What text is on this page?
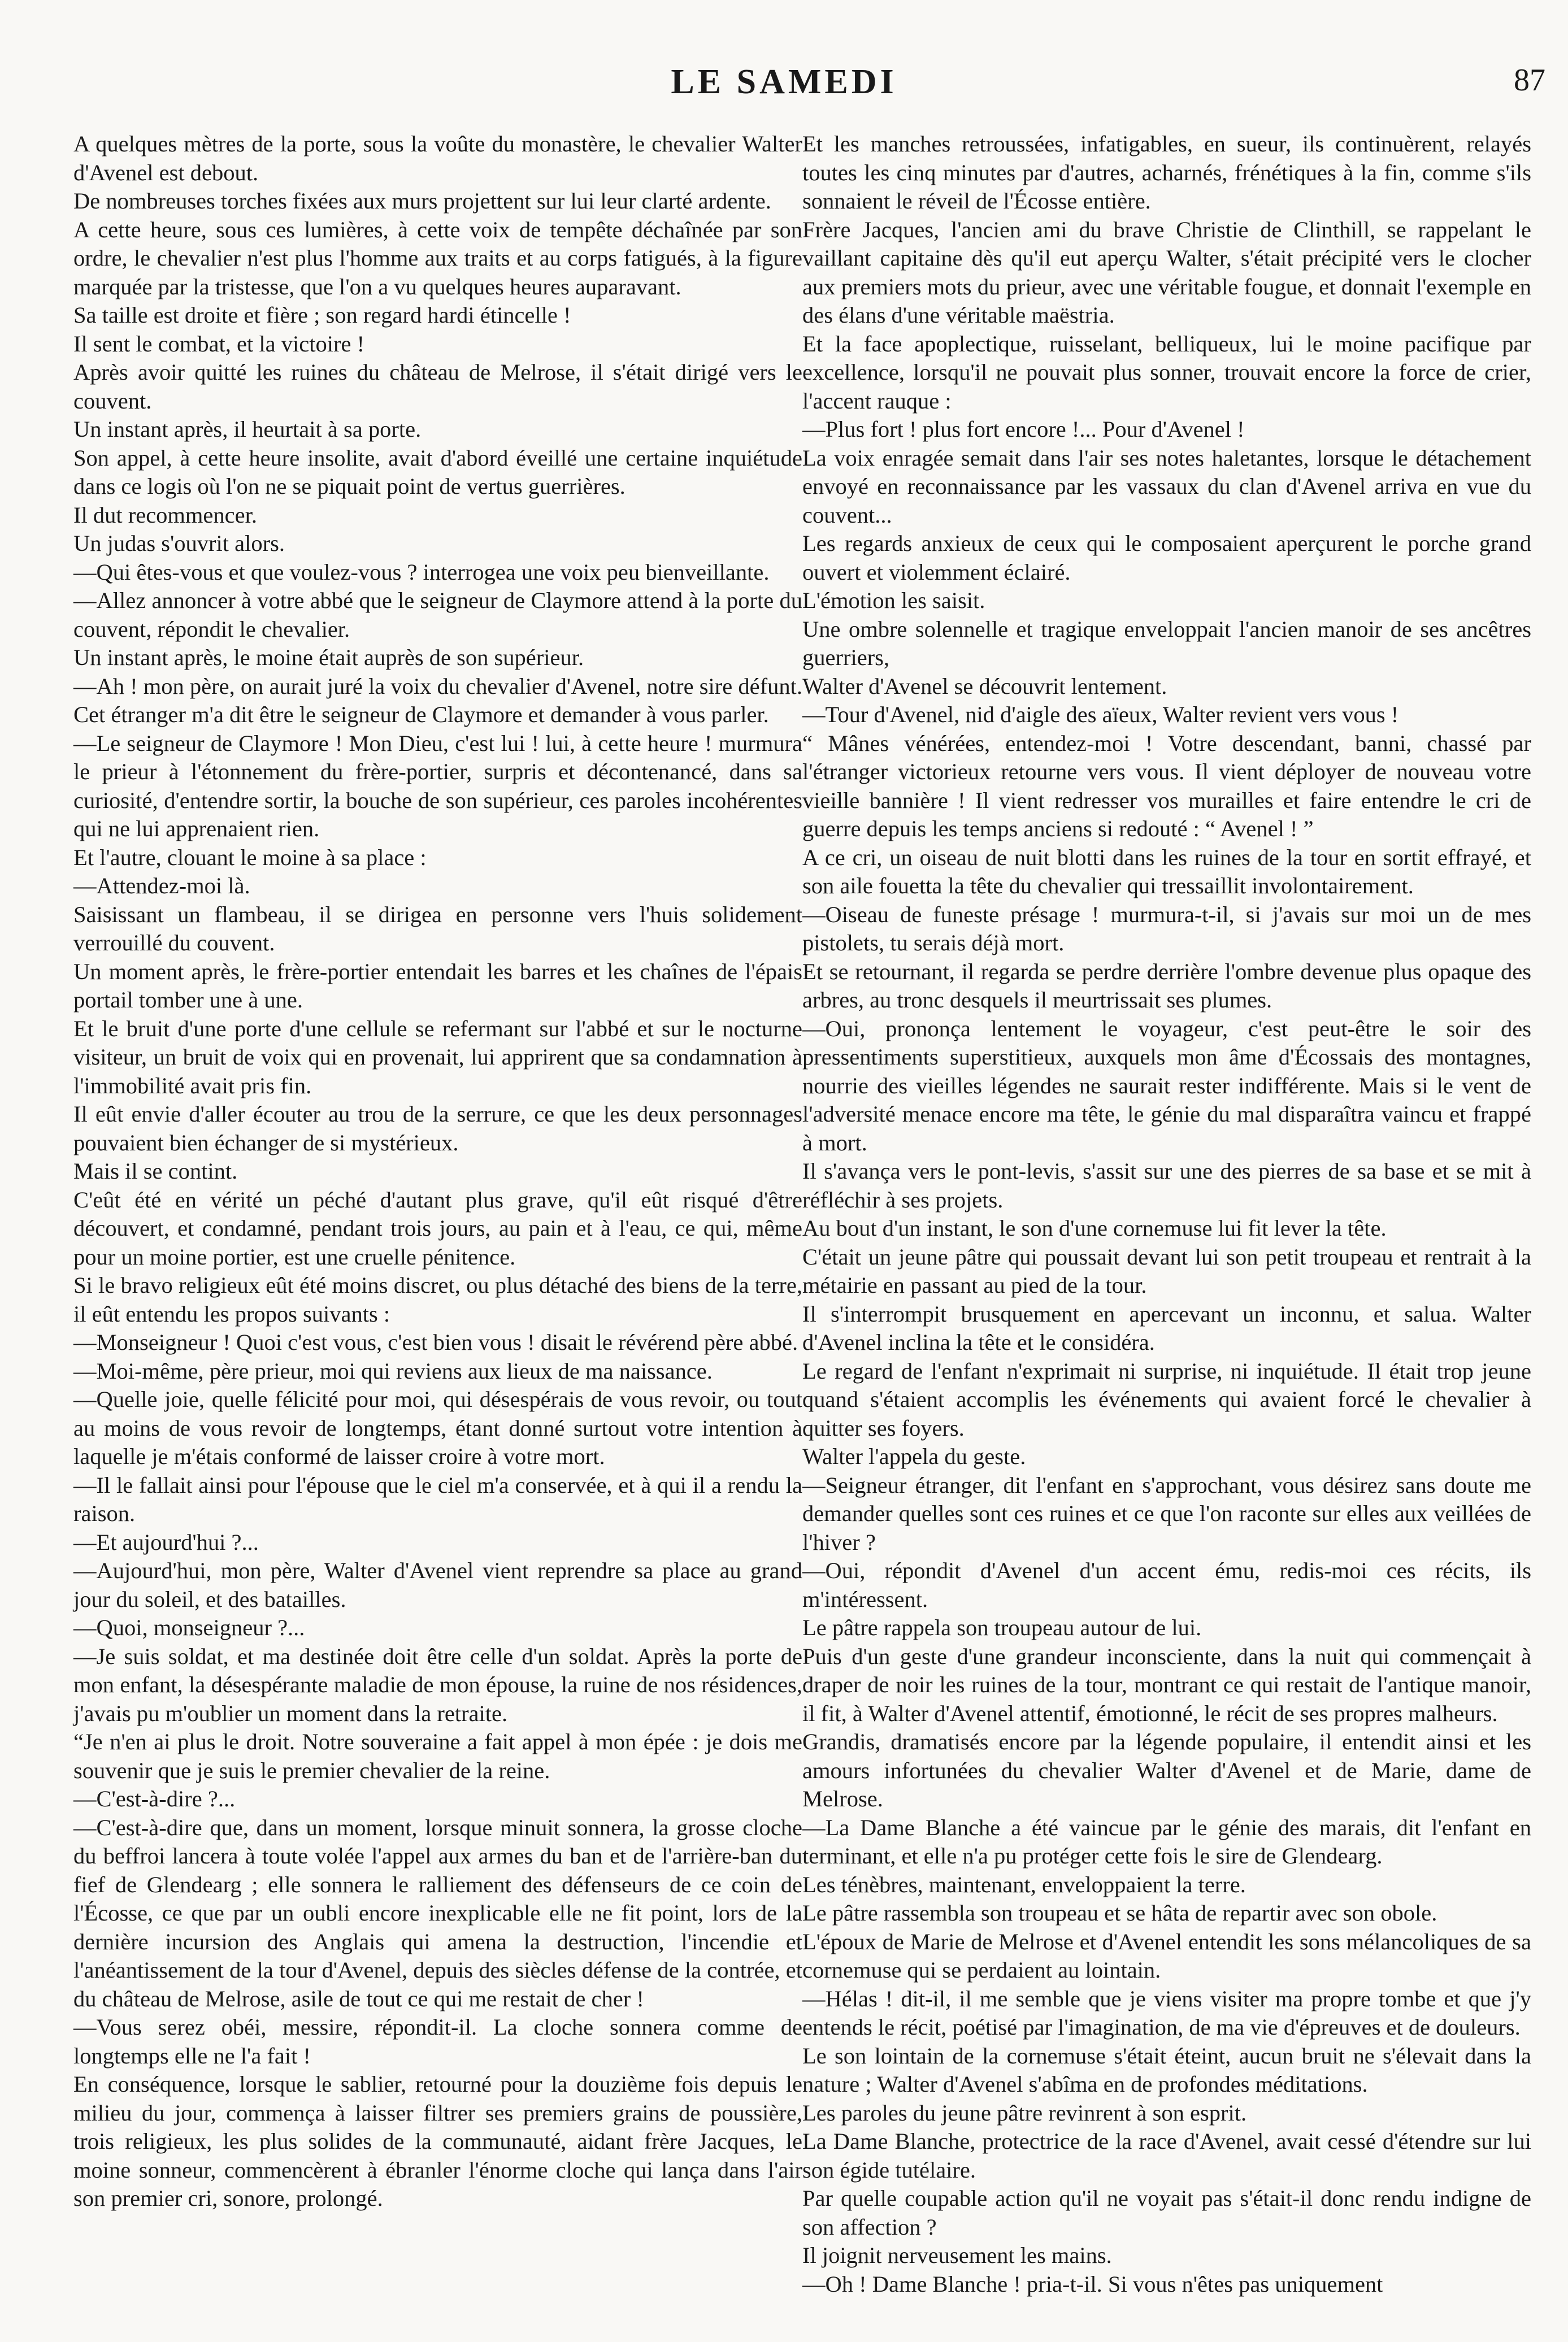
LE SAMEDI	87

A quelques mètres de la porte, sous la voûte du monastère, le chevalier Walter d'Avenel est debout.

De nombreuses torches fixées aux murs projettent sur lui leur clarté ardente.

A cette heure, sous ces lumières, à cette voix de tempête déchaînée par son ordre, le chevalier n'est plus l'homme aux traits et au corps fatigués, à la figure marquée par la tristesse, que l'on a vu quelques heures auparavant.

Sa taille est droite et fière ; son regard hardi étincelle !

Il sent le combat, et la victoire !

Après avoir quitté les ruines du château de Melrose, il s'était dirigé vers le couvent.

Un instant après, il heurtait à sa porte.

Son appel, à cette heure insolite, avait d'abord éveillé une certaine inquiétude dans ce logis où l'on ne se piquait point de vertus guerrières.

Il dut recommencer.

Un judas s'ouvrit alors.

—Qui êtes-vous et que voulez-vous ? interrogea une voix peu bienveillante.

—Allez annoncer à votre abbé que le seigneur de Claymore attend à la porte du couvent, répondit le chevalier.

Un instant après, le moine était auprès de son supérieur.

—Ah ! mon père, on aurait juré la voix du chevalier d'Avenel, notre sire défunt. Cet étranger m'a dit être le seigneur de Claymore et demander à vous parler.

—Le seigneur de Claymore ! Mon Dieu, c'est lui ! lui, à cette heure ! murmura le prieur à l'étonnement du frère-portier, surpris et décontenancé, dans sa curiosité, d'entendre sortir, la bouche de son supérieur, ces paroles incohérentes qui ne lui apprenaient rien.

Et l'autre, clouant le moine à sa place :

—Attendez-moi là.

Saisissant un flambeau, il se dirigea en personne vers l'huis solidement verrouillé du couvent.

Un moment après, le frère-portier entendait les barres et les chaînes de l'épais portail tomber une à une.

Et le bruit d'une porte d'une cellule se refermant sur l'abbé et sur le nocturne visiteur, un bruit de voix qui en provenait, lui apprirent que sa condamnation à l'immobilité avait pris fin.

Il eût envie d'aller écouter au trou de la serrure, ce que les deux personnages pouvaient bien échanger de si mystérieux.

Mais il se contint.

C'eût été en vérité un péché d'autant plus grave, qu'il eût risqué d'être découvert, et condamné, pendant trois jours, au pain et à l'eau, ce qui, même pour un moine portier, est une cruelle pénitence.

Si le bravo religieux eût été moins discret, ou plus détaché des biens de la terre, il eût entendu les propos suivants :

—Monseigneur ! Quoi c'est vous, c'est bien vous ! disait le révérend père abbé.

—Moi-même, père prieur, moi qui reviens aux lieux de ma naissance.

—Quelle joie, quelle félicité pour moi, qui désespérais de vous revoir, ou tout au moins de vous revoir de longtemps, étant donné surtout votre intention à laquelle je m'étais conformé de laisser croire à votre mort.

—Il le fallait ainsi pour l'épouse que le ciel m'a conservée, et à qui il a rendu la raison.

—Et aujourd'hui ?...

—Aujourd'hui, mon père, Walter d'Avenel vient reprendre sa place au grand jour du soleil, et des batailles.

—Quoi, monseigneur ?...

—Je suis soldat, et ma destinée doit être celle d'un soldat. Après la porte de mon enfant, la désespérante maladie de mon épouse, la ruine de nos résidences, j'avais pu m'oublier un moment dans la retraite.

“Je n'en ai plus le droit. Notre souveraine a fait appel à mon épée : je dois me souvenir que je suis le premier chevalier de la reine.

—C'est-à-dire ?...

—C'est-à-dire que, dans un moment, lorsque minuit sonnera, la grosse cloche du beffroi lancera à toute volée l'appel aux armes du ban et de l'arrière-ban du fief de Glendearg ; elle sonnera le ralliement des défenseurs de ce coin de l'Écosse, ce que par un oubli encore inexplicable elle ne fit point, lors de la dernière incursion des Anglais qui amena la destruction, l'incendie et l'anéantissement de la tour d'Avenel, depuis des siècles défense de la contrée, et du château de Melrose, asile de tout ce qui me restait de cher !

—Vous serez obéi, messire, répondit-il. La cloche sonnera comme de longtemps elle ne l'a fait !

En conséquence, lorsque le sablier, retourné pour la douzième fois depuis le milieu du jour, commença à laisser filtrer ses premiers grains de poussière, trois religieux, les plus solides de la communauté, aidant frère Jacques, le moine sonneur, commencèrent à ébranler l'énorme cloche qui lança dans l'air son premier cri, sonore, prolongé.

Et les manches retroussées, infatigables, en sueur, ils continuèrent, relayés toutes les cinq minutes par d'autres, acharnés, frénétiques à la fin, comme s'ils sonnaient le réveil de l'Écosse entière.

Frère Jacques, l'ancien ami du brave Christie de Clinthill, se rappelant le vaillant capitaine dès qu'il eut aperçu Walter, s'était précipité vers le clocher aux premiers mots du prieur, avec une véritable fougue, et donnait l'exemple en des élans d'une véritable maëstria.

Et la face apoplectique, ruisselant, belliqueux, lui le moine pacifique par excellence, lorsqu'il ne pouvait plus sonner, trouvait encore la force de crier, l'accent rauque :

—Plus fort ! plus fort encore !... Pour d'Avenel !

La voix enragée semait dans l'air ses notes haletantes, lorsque le détachement envoyé en reconnaissance par les vassaux du clan d'Avenel arriva en vue du couvent...

Les regards anxieux de ceux qui le composaient aperçurent le porche grand ouvert et violemment éclairé.

L'émotion les saisit.

Une ombre solennelle et tragique enveloppait l'ancien manoir de ses ancêtres guerriers,

Walter d'Avenel se découvrit lentement.

—Tour d'Avenel, nid d'aigle des aïeux, Walter revient vers vous !

“ Mânes vénérées, entendez-moi ! Votre descendant, banni, chassé par l'étranger victorieux retourne vers vous. Il vient déployer de nouveau votre vieille bannière ! Il vient redresser vos murailles et faire entendre le cri de guerre depuis les temps anciens si redouté : “ Avenel ! ”

A ce cri, un oiseau de nuit blotti dans les ruines de la tour en sortit effrayé, et son aile fouetta la tête du chevalier qui tressaillit involontairement.

—Oiseau de funeste présage ! murmura-t-il, si j'avais sur moi un de mes pistolets, tu serais déjà mort.

Et se retournant, il regarda se perdre derrière l'ombre devenue plus opaque des arbres, au tronc desquels il meurtrissait ses plumes.

—Oui, prononça lentement le voyageur, c'est peut-être le soir des pressentiments superstitieux, auxquels mon âme d'Écossais des montagnes, nourrie des vieilles légendes ne saurait rester indifférente. Mais si le vent de l'adversité menace encore ma tête, le génie du mal disparaîtra vaincu et frappé à mort.

Il s'avança vers le pont-levis, s'assit sur une des pierres de sa base et se mit à réfléchir à ses projets.

Au bout d'un instant, le son d'une cornemuse lui fit lever la tête.

C'était un jeune pâtre qui poussait devant lui son petit troupeau et rentrait à la métairie en passant au pied de la tour.

Il s'interrompit brusquement en apercevant un inconnu, et salua. Walter d'Avenel inclina la tête et le considéra.

Le regard de l'enfant n'exprimait ni surprise, ni inquiétude. Il était trop jeune quand s'étaient accomplis les événements qui avaient forcé le chevalier à quitter ses foyers.

Walter l'appela du geste.

—Seigneur étranger, dit l'enfant en s'approchant, vous désirez sans doute me demander quelles sont ces ruines et ce que l'on raconte sur elles aux veillées de l'hiver ?

—Oui, répondit d'Avenel d'un accent ému, redis-moi ces récits, ils m'intéressent.

Le pâtre rappela son troupeau autour de lui.

Puis d'un geste d'une grandeur inconsciente, dans la nuit qui commençait à draper de noir les ruines de la tour, montrant ce qui restait de l'antique manoir, il fit, à Walter d'Avenel attentif, émotionné, le récit de ses propres malheurs.

Grandis, dramatisés encore par la légende populaire, il entendit ainsi et les amours infortunées du chevalier Walter d'Avenel et de Marie, dame de Melrose.

—La Dame Blanche a été vaincue par le génie des marais, dit l'enfant en terminant, et elle n'a pu protéger cette fois le sire de Glendearg.

Les ténèbres, maintenant, enveloppaient la terre.

Le pâtre rassembla son troupeau et se hâta de repartir avec son obole.

L'époux de Marie de Melrose et d'Avenel entendit les sons mélancoliques de sa cornemuse qui se perdaient au lointain.

—Hélas ! dit-il, il me semble que je viens visiter ma propre tombe et que j'y entends le récit, poétisé par l'imagination, de ma vie d'épreuves et de douleurs.

Le son lointain de la cornemuse s'était éteint, aucun bruit ne s'élevait dans la nature ; Walter d'Avenel s'abîma en de profondes méditations.

Les paroles du jeune pâtre revinrent à son esprit.

La Dame Blanche, protectrice de la race d'Avenel, avait cessé d'étendre sur lui son égide tutélaire.

Par quelle coupable action qu'il ne voyait pas s'était-il donc rendu indigne de son affection ?

Il joignit nerveusement les mains.

—Oh ! Dame Blanche ! pria-t-il. Si vous n'êtes pas uniquement
